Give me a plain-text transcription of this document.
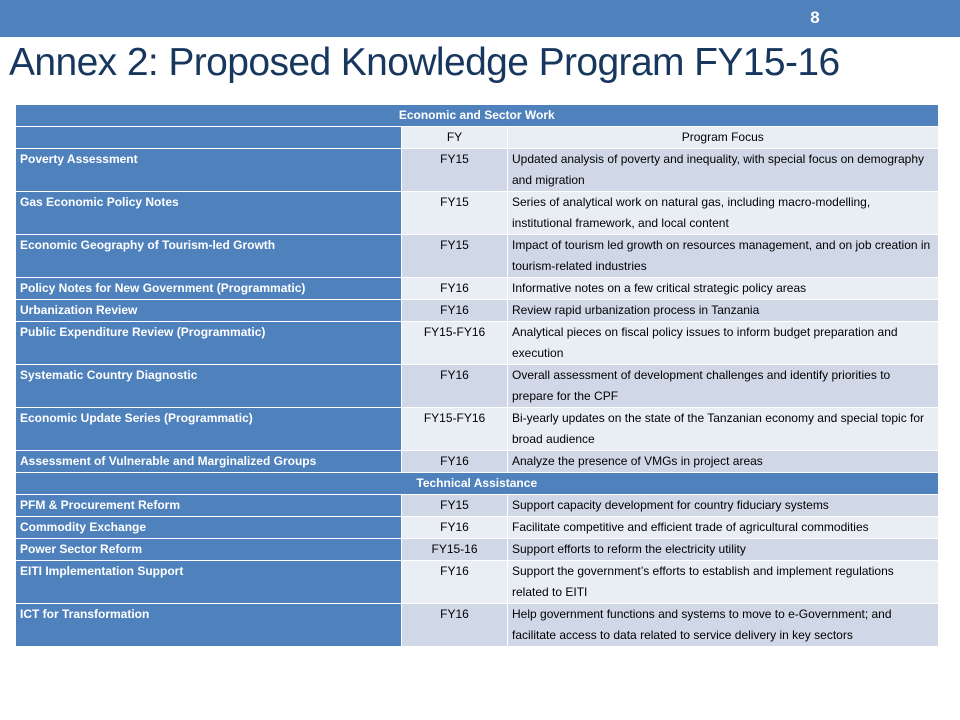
8
Annex 2: Proposed Knowledge Program FY15-16
Economic and Sector Work		
	FY	Program Focus
Poverty Assessment	FY15	Updated analysis of poverty and inequality, with special focus on demography and migration
Gas Economic Policy Notes	FY15	Series of analytical work on natural gas, including macro-modelling, institutional framework, and local content
Economic Geography of Tourism-led Growth	FY15	Impact of tourism led growth on resources management, and on job creation in tourism-related industries
Policy Notes for New Government (Programmatic)	FY16	Informative notes on a few critical strategic policy areas
Urbanization Review	FY16	Review rapid urbanization process in Tanzania
Public Expenditure Review (Programmatic)	FY15-FY16	Analytical pieces on fiscal policy issues to inform budget preparation and execution
Systematic Country Diagnostic	FY16	Overall assessment of development challenges and identify priorities to prepare for the CPF
Economic Update Series (Programmatic)	FY15-FY16	Bi-yearly updates on the state of the Tanzanian economy and special topic for broad audience
Assessment of Vulnerable and Marginalized Groups	FY16	Analyze the presence of VMGs in project areas
Technical Assistance		
PFM & Procurement Reform	FY15	Support capacity development for country fiduciary systems
Commodity Exchange	FY16	Facilitate competitive and efficient trade of agricultural commodities
Power Sector Reform	FY15-16	Support efforts to reform the electricity utility
EITI Implementation Support	FY16	Support the government’s efforts to establish and implement regulations related to EITI
ICT for Transformation	FY16	Help government functions and systems to move to e-Government; and facilitate access to data related to service delivery in key sectors
